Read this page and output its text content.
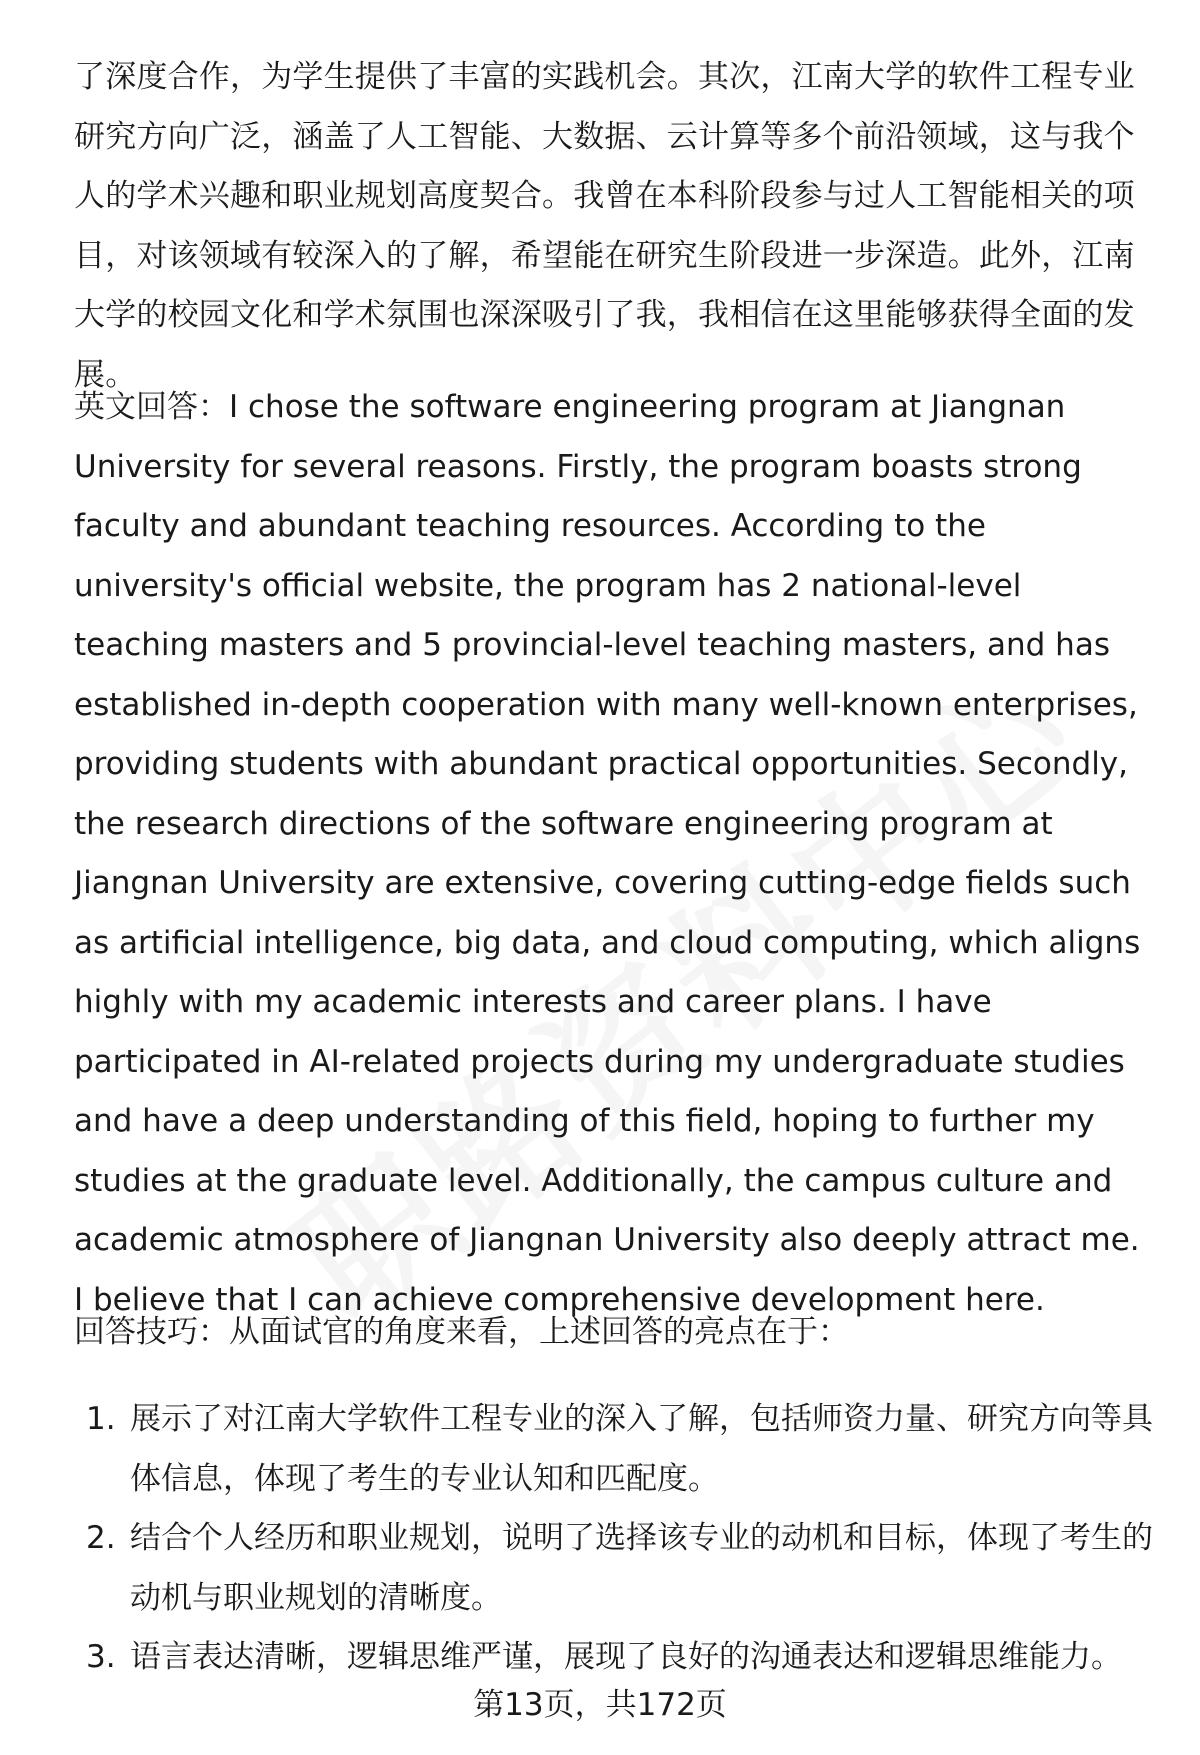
了深度合作，为学生提供了丰富的实践机会。其次，江南大学的软件工程专业研究方向广泛，涵盖了人工智能、大数据、云计算等多个前沿领域，这与我个人的学术兴趣和职业规划高度契合。我曾在本科阶段参与过人工智能相关的项目，对该领域有较深入的了解，希望能在研究生阶段进一步深造。此外，江南大学的校园文化和学术氛围也深深吸引了我，我相信在这里能够获得全面的发展。

英文回答：I chose the software engineering program at Jiangnan University for several reasons. Firstly, the program boasts strong faculty and abundant teaching resources. According to the university's official website, the program has 2 national-level teaching masters and 5 provincial-level teaching masters, and has established in-depth cooperation with many well-known enterprises, providing students with abundant practical opportunities. Secondly, the research directions of the software engineering program at Jiangnan University are extensive, covering cutting-edge fields such as artificial intelligence, big data, and cloud computing, which aligns highly with my academic interests and career plans. I have participated in AI-related projects during my undergraduate studies and have a deep understanding of this field, hoping to further my studies at the graduate level. Additionally, the campus culture and academic atmosphere of Jiangnan University also deeply attract me. I believe that I can achieve comprehensive development here.

回答技巧：从面试官的角度来看，上述回答的亮点在于：

1. 展示了对江南大学软件工程专业的深入了解，包括师资力量、研究方向等具体信息，体现了考生的专业认知和匹配度。
2. 结合个人经历和职业规划，说明了选择该专业的动机和目标，体现了考生的动机与职业规划的清晰度。
3. 语言表达清晰，逻辑思维严谨，展现了良好的沟通表达和逻辑思维能力。
第13页，共172页
